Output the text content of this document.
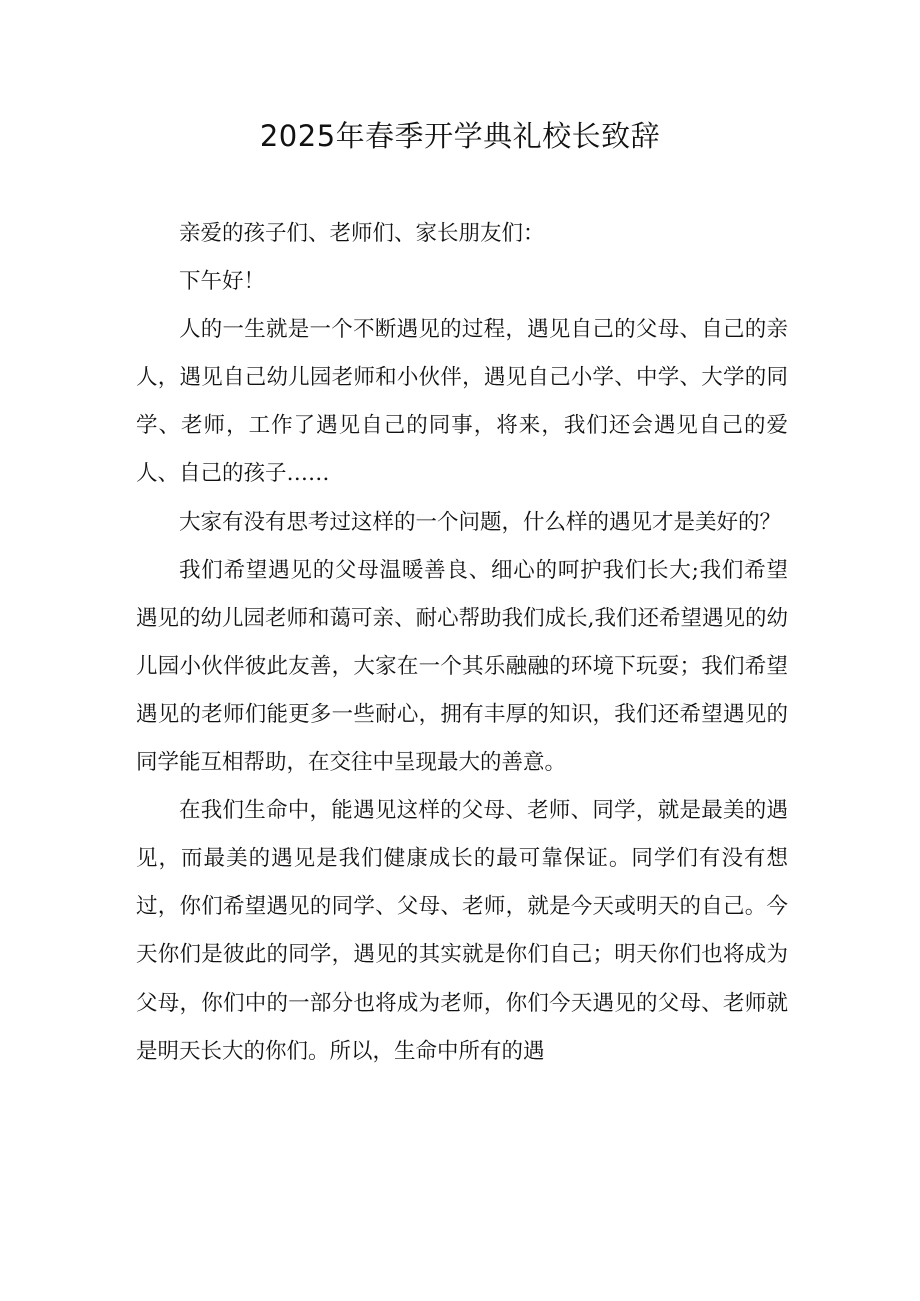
2025年春季开学典礼校长致辞

亲爱的孩子们、老师们、家长朋友们：

下午好！

人的一生就是一个不断遇见的过程，遇见自己的父母、自己的亲人，遇见自己幼儿园老师和小伙伴，遇见自己小学、中学、大学的同学、老师，工作了遇见自己的同事，将来，我们还会遇见自己的爱人、自己的孩子……

大家有没有思考过这样的一个问题，什么样的遇见才是美好的？

我们希望遇见的父母温暖善良、细心的呵护我们长大;我们希望遇见的幼儿园老师和蔼可亲、耐心帮助我们成长,我们还希望遇见的幼儿园小伙伴彼此友善，大家在一个其乐融融的环境下玩耍；我们希望遇见的老师们能更多一些耐心，拥有丰厚的知识，我们还希望遇见的同学能互相帮助，在交往中呈现最大的善意。

在我们生命中，能遇见这样的父母、老师、同学，就是最美的遇见，而最美的遇见是我们健康成长的最可靠保证。同学们有没有想过，你们希望遇见的同学、父母、老师，就是今天或明天的自己。今天你们是彼此的同学，遇见的其实就是你们自己；明天你们也将成为父母，你们中的一部分也将成为老师，你们今天遇见的父母、老师就是明天长大的你们。所以，生命中所有的遇
